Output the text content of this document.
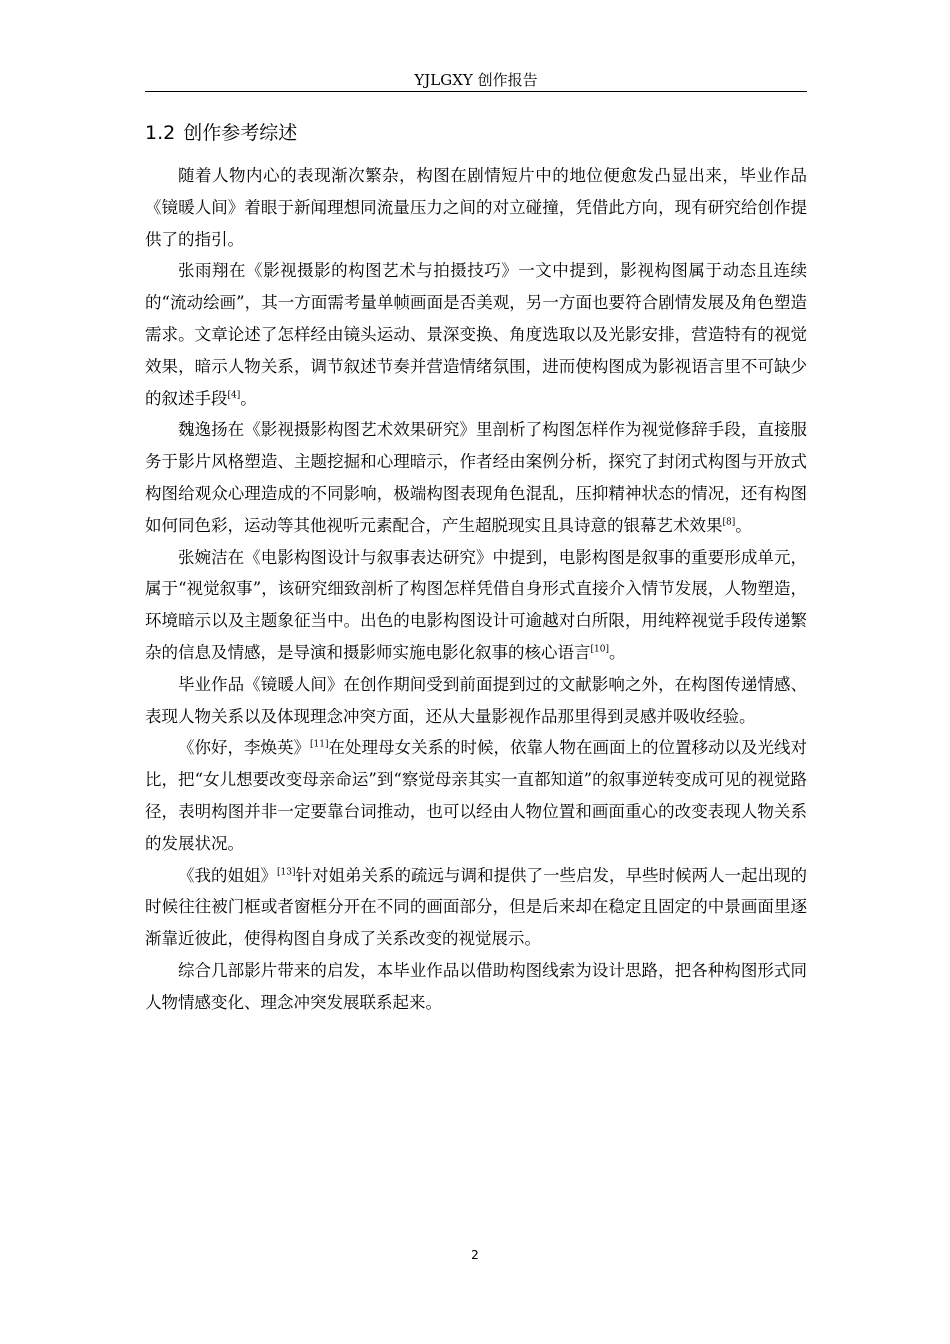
YJLGXY 创作报告
1.2 创作参考综述

随着人物内心的表现渐次繁杂，构图在剧情短片中的地位便愈发凸显出来，毕业作品《镜暖人间》着眼于新闻理想同流量压力之间的对立碰撞，凭借此方向，现有研究给创作提供了的指引。

张雨翔在《影视摄影的构图艺术与拍摄技巧》一文中提到，影视构图属于动态且连续的“流动绘画”，其一方面需考量单帧画面是否美观，另一方面也要符合剧情发展及角色塑造需求。文章论述了怎样经由镜头运动、景深变换、角度选取以及光影安排，营造特有的视觉效果，暗示人物关系，调节叙述节奏并营造情绪氛围，进而使构图成为影视语言里不可缺少的叙述手段[4]。

魏逸扬在《影视摄影构图艺术效果研究》里剖析了构图怎样作为视觉修辞手段，直接服务于影片风格塑造、主题挖掘和心理暗示，作者经由案例分析，探究了封闭式构图与开放式构图给观众心理造成的不同影响，极端构图表现角色混乱，压抑精神状态的情况，还有构图如何同色彩，运动等其他视听元素配合，产生超脱现实且具诗意的银幕艺术效果[8]。

张婉洁在《电影构图设计与叙事表达研究》中提到，电影构图是叙事的重要形成单元，属于“视觉叙事”，该研究细致剖析了构图怎样凭借自身形式直接介入情节发展，人物塑造，环境暗示以及主题象征当中。出色的电影构图设计可逾越对白所限，用纯粹视觉手段传递繁杂的信息及情感，是导演和摄影师实施电影化叙事的核心语言[10]。

毕业作品《镜暖人间》在创作期间受到前面提到过的文献影响之外，在构图传递情感、表现人物关系以及体现理念冲突方面，还从大量影视作品那里得到灵感并吸收经验。

《你好，李焕英》[11]在处理母女关系的时候，依靠人物在画面上的位置移动以及光线对比，把“女儿想要改变母亲命运”到“察觉母亲其实一直都知道”的叙事逆转变成可见的视觉路径，表明构图并非一定要靠台词推动，也可以经由人物位置和画面重心的改变表现人物关系的发展状况。

《我的姐姐》[13]针对姐弟关系的疏远与调和提供了一些启发，早些时候两人一起出现的时候往往被门框或者窗框分开在不同的画面部分，但是后来却在稳定且固定的中景画面里逐渐靠近彼此，使得构图自身成了关系改变的视觉展示。

综合几部影片带来的启发，本毕业作品以借助构图线索为设计思路，把各种构图形式同人物情感变化、理念冲突发展联系起来。

2
